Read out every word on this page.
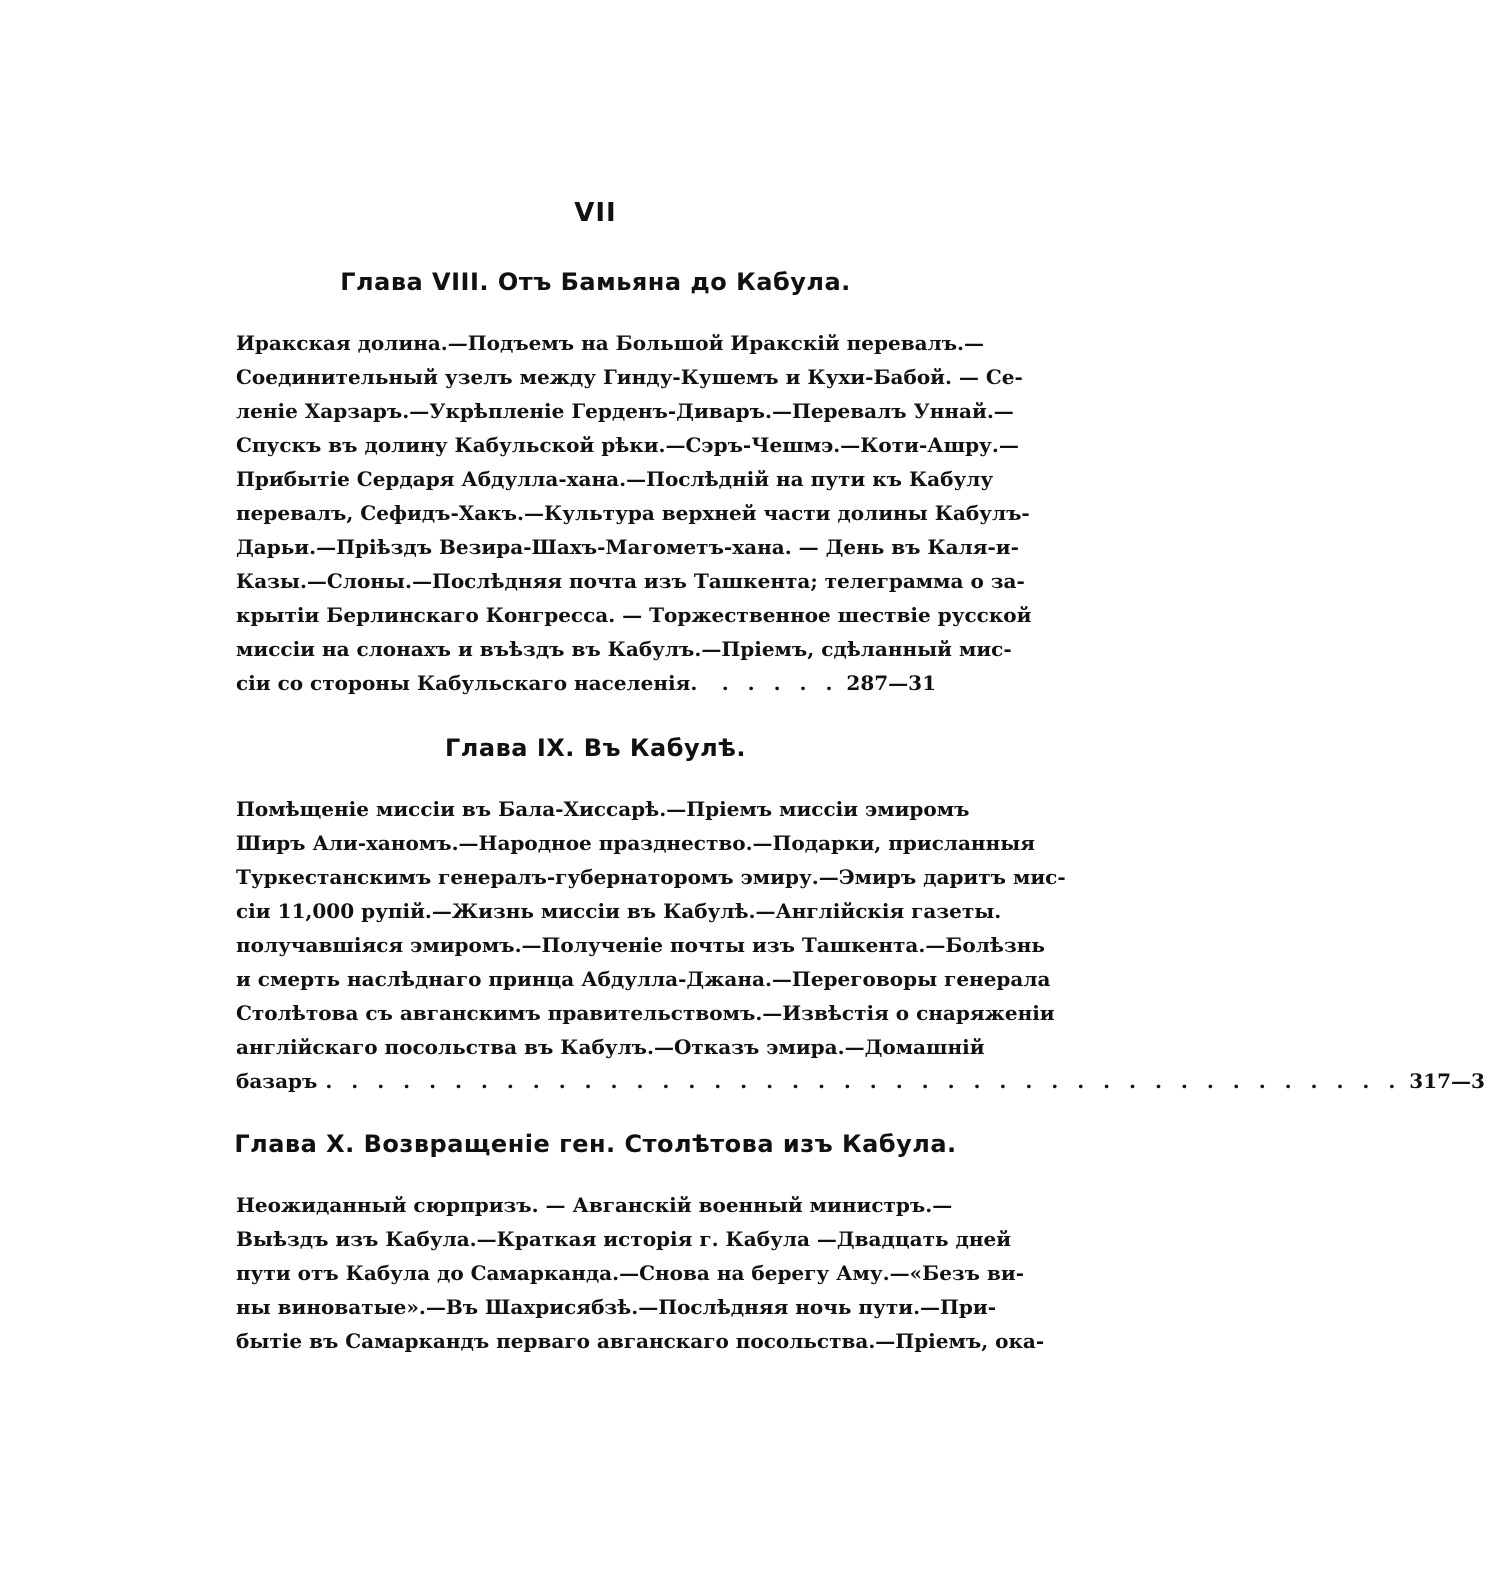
VII
Глава VIII. Отъ Бамьяна до Кабула.
Иракская долина.—Подъемъ на Большой Иракскій перевалъ.—
Соединительный узелъ между Гинду-Кушемъ и Кухи-Бабой. — Се-
ленiе Харзаръ.—Укрѣпленіе Герденъ-Диваръ.—Перевалъ Уннай.—
Спускъ въ долину Кабульской рѣки.—Сэръ-Чешмэ.—Коти-Ашру.—
Прибытіе Сердаря Абдулла-хана.—Послѣдній на пути къ Кабулу
перевалъ, Сефидъ-Хакъ.—Культура верхней части долины Кабулъ-
Дарьи.—Пріѣздъ Везира-Шахъ-Магометъ-хана. — День въ Каля-и-
Казы.—Слоны.—Послѣдняя почта изъ Ташкента; телеграмма о за-
крытіи Берлинскаго Конгресса. — Торжественное шествіе русской
миссіи на слонахъ и въѣздъ въ Кабулъ.—Пріемъ, сдѣланный мис-
сіи со стороны Кабульскаго населенія.	. . . . . 287—31
Глава IX. Въ Кабулѣ.
Помѣщеніе миссіи въ Бала-Хиссарѣ.—Пріемъ миссіи эмиромъ
Ширъ Али-ханомъ.—Народное празднество.—Подарки, присланныя
Туркестанскимъ генералъ-губернаторомъ эмиру.—Эмиръ даритъ мис-
сіи 11,000 рупій.—Жизнь миссіи въ Кабулѣ.—Англійскія газеты.
получавшіяся эмиромъ.—Полученіе почты изъ Ташкента.—Болѣзнь
и смерть наслѣднаго принца Абдулла-Джана.—Переговоры генерала
Столѣтова съ авганскимъ правительствомъ.—Извѣстія о снаряженіи
англійскаго посольства въ Кабулъ.—Отказъ эмира.—Домашній
базаръ . . . . . . . . . . . . . . . . . . . . . . . . . . . . . . . . . . . . . . . . . . 317—3
Глава X. Возвращеніе ген. Столѣтова изъ Кабула.
Неожиданный сюрпризъ. — Авганскій военный министръ.—
Выѣздъ изъ Кабула.—Краткая исторія г. Кабула —Двадцать дней
пути отъ Кабула до Самарканда.—Снова на берегу Аму.—«Безъ ви-
ны виноватые».—Въ Шахрисябзѣ.—Послѣдняя ночь пути.—При-
бытіе въ Самаркандъ перваго авганскаго посольства.—Пріемъ, ока-
